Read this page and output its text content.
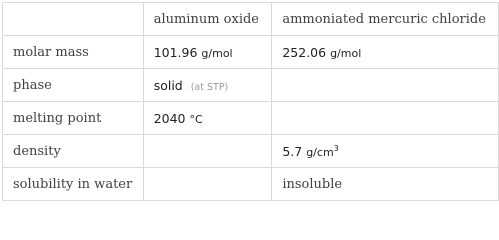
	aluminum oxide	ammoniated mercuric chloride
molar mass	101.96 g/mol	252.06 g/mol
phase	solid (at STP)	
melting point	2040 °C	
density		5.7 $g/cm^3$
solubility in water		insoluble
